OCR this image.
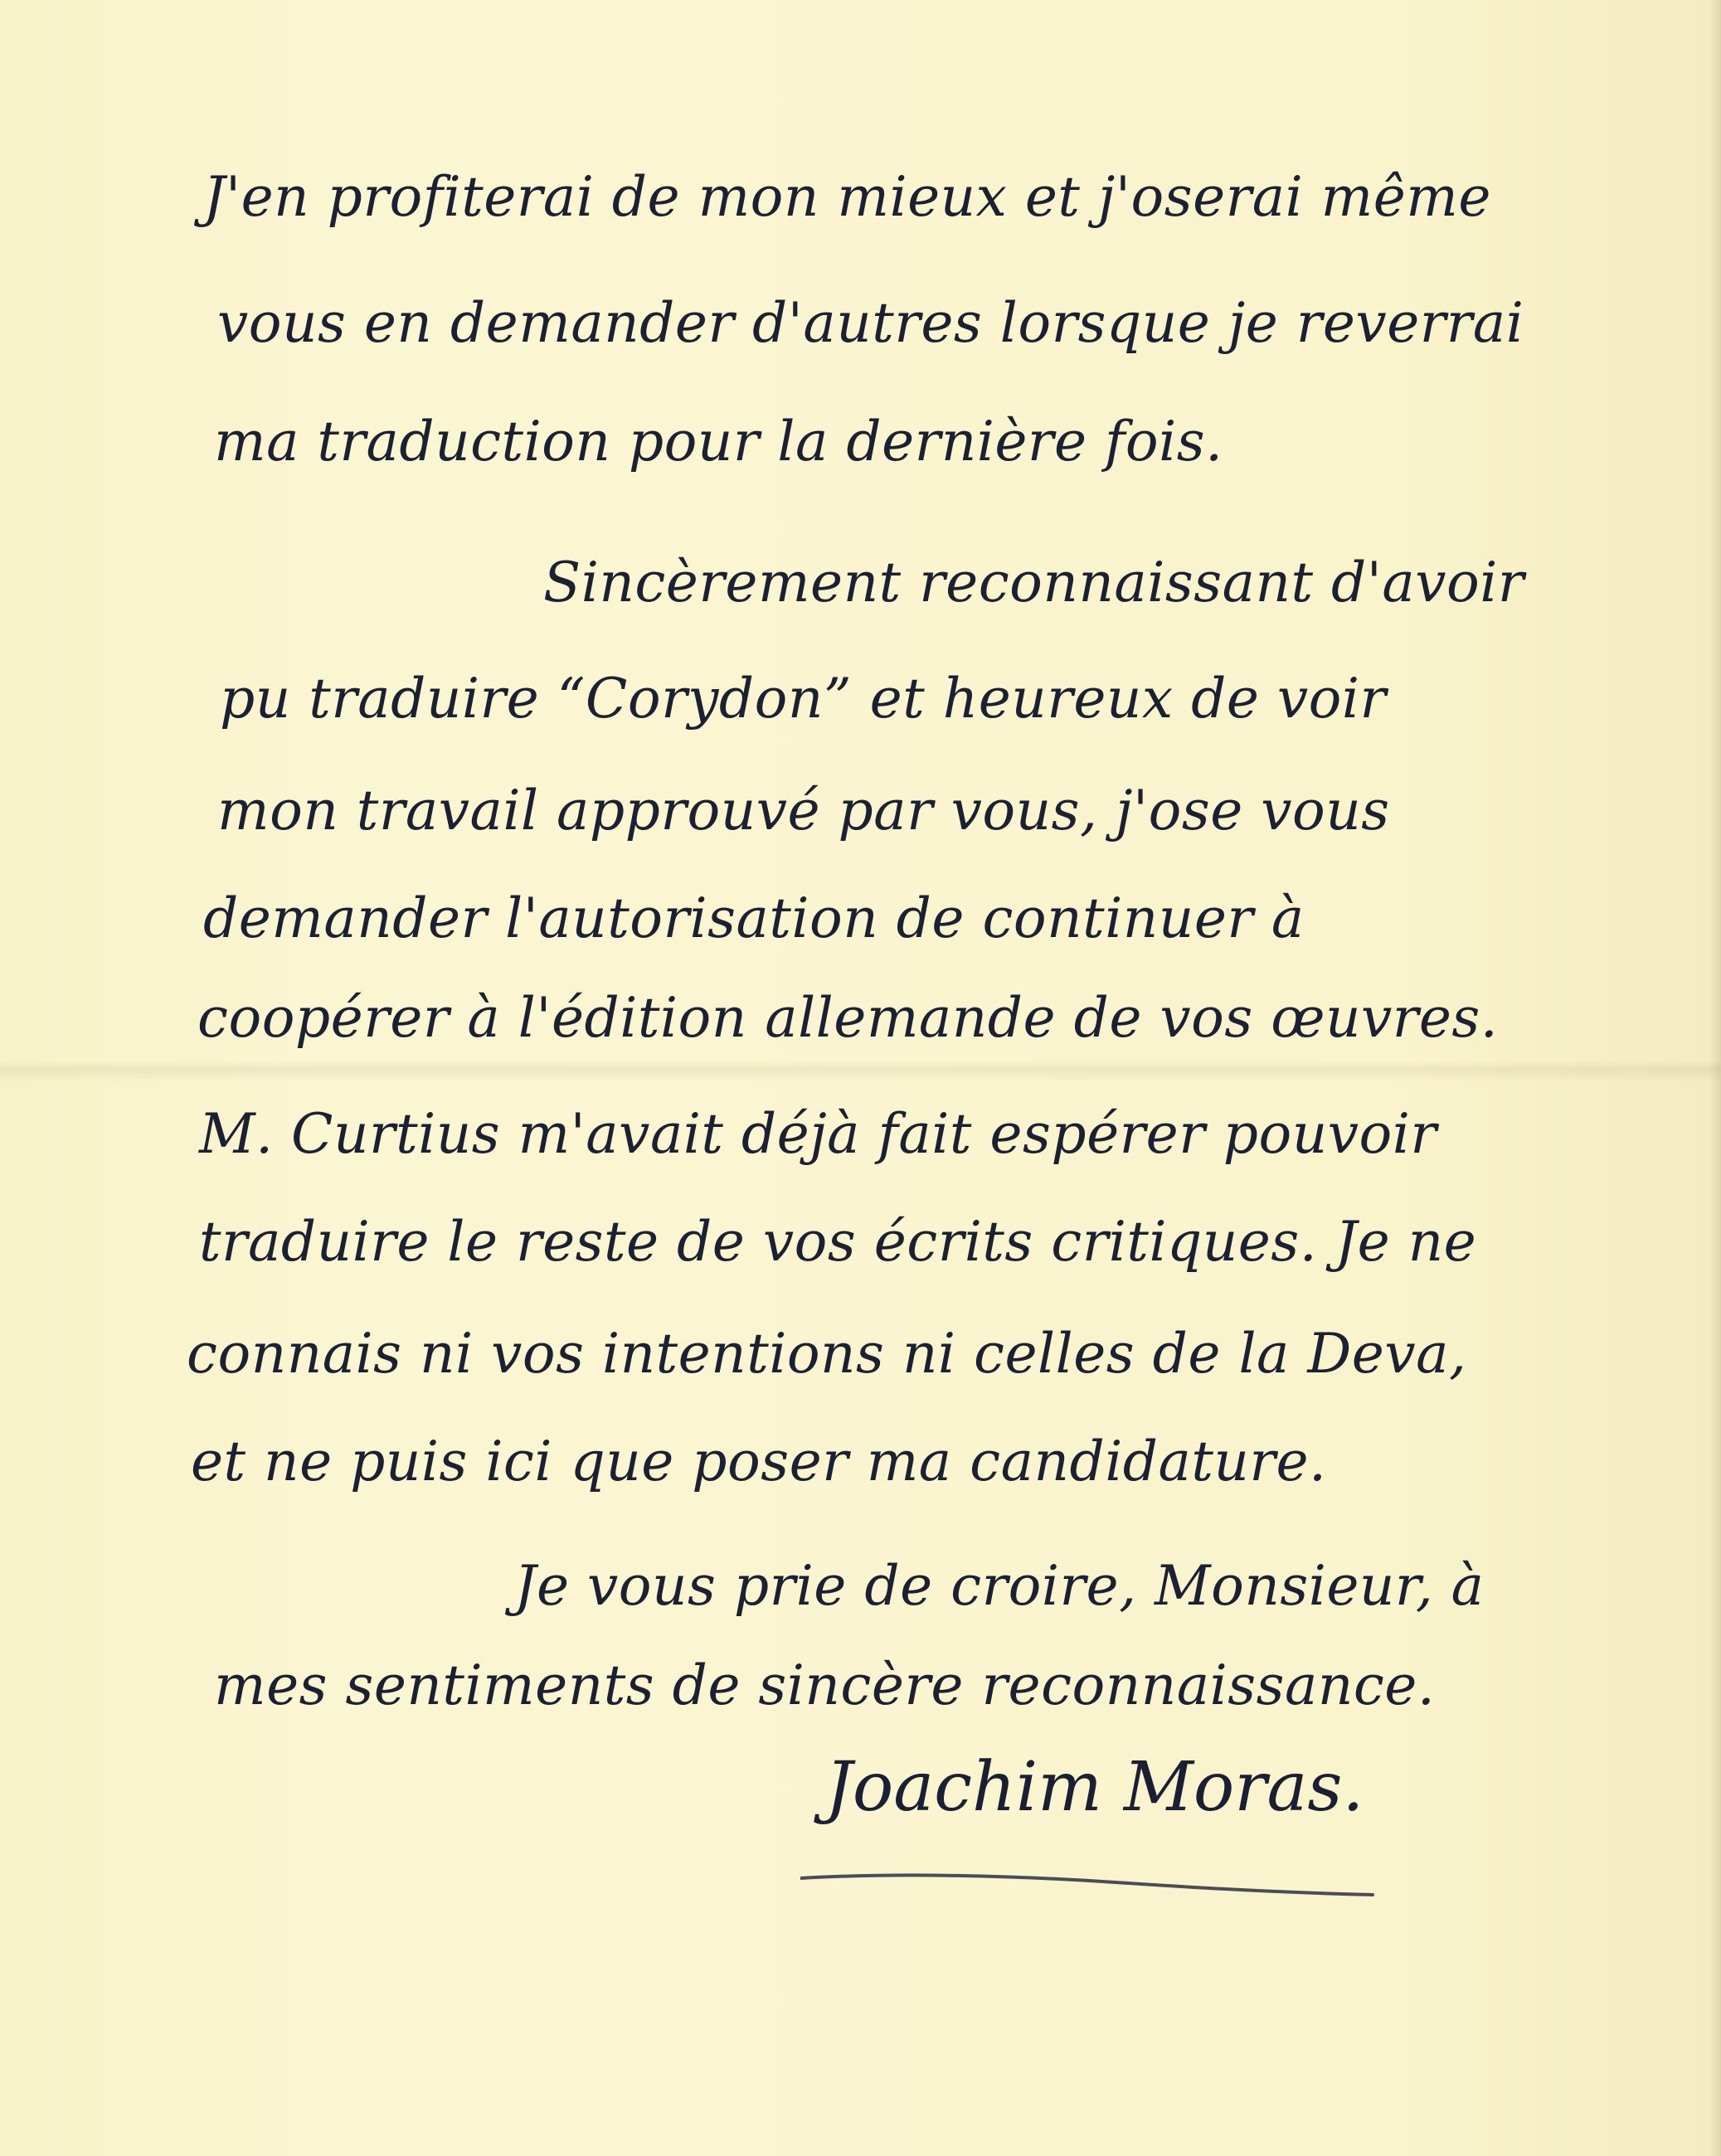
J'en profiterai de mon mieux et j'oserai même
vous en demander d'autres lorsque je reverrai
ma traduction pour la dernière fois.
Sincèrement reconnaissant d'avoir
pu traduire “Corydon” et heureux de voir
mon travail approuvé par vous, j'ose vous
demander l'autorisation de continuer à
coopérer à l'édition allemande de vos œuvres.
M. Curtius m'avait déjà fait espérer pouvoir
traduire le reste de vos écrits critiques. Je ne
connais ni vos intentions ni celles de la Deva,
et ne puis ici que poser ma candidature.
Je vous prie de croire, Monsieur, à
mes sentiments de sincère reconnaissance.
Joachim Moras.
